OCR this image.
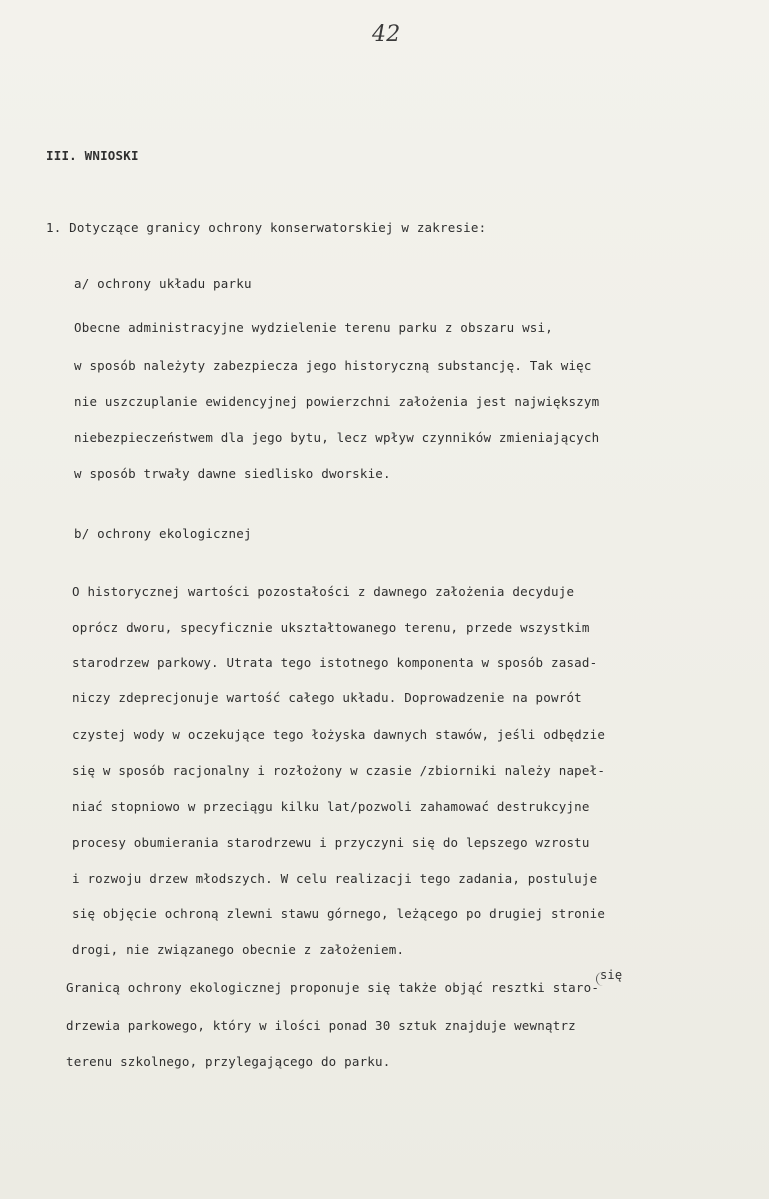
42
III. WNIOSKI
1. Dotyczące granicy ochrony konserwatorskiej w zakresie:
a/ ochrony układu parku
Obecne administracyjne wydzielenie terenu parku z obszaru wsi,
w sposób należyty zabezpiecza jego historyczną substancję. Tak więc
nie uszczuplanie ewidencyjnej powierzchni założenia jest największym
niebezpieczeństwem dla jego bytu, lecz wpływ czynników zmieniających
w sposób trwały dawne siedlisko dworskie.
b/ ochrony ekologicznej
O historycznej wartości pozostałości z dawnego założenia decyduje
oprócz dworu, specyficznie ukształtowanego terenu, przede wszystkim
starodrzew parkowy. Utrata tego istotnego komponenta w sposób zasad-
niczy zdeprecjonuje wartość całego układu. Doprowadzenie na powrót
czystej wody w oczekujące tego łożyska dawnych stawów, jeśli odbędzie
się w sposób racjonalny i rozłożony w czasie /zbiorniki należy napeł-
niać stopniowo w przeciągu kilku lat/pozwoli zahamować destrukcyjne
procesy obumierania starodrzewu i przyczyni się do lepszego wzrostu
i rozwoju drzew młodszych. W celu realizacji tego zadania, postuluje
się objęcie ochroną zlewni stawu górnego, leżącego po drugiej stronie
drogi, nie związanego obecnie z założeniem.
Granicą ochrony ekologicznej proponuje się także objąć resztki staro-
się
drzewia parkowego, który w ilości ponad 30 sztuk znajduje wewnątrz
terenu szkolnego, przylegającego do parku.
